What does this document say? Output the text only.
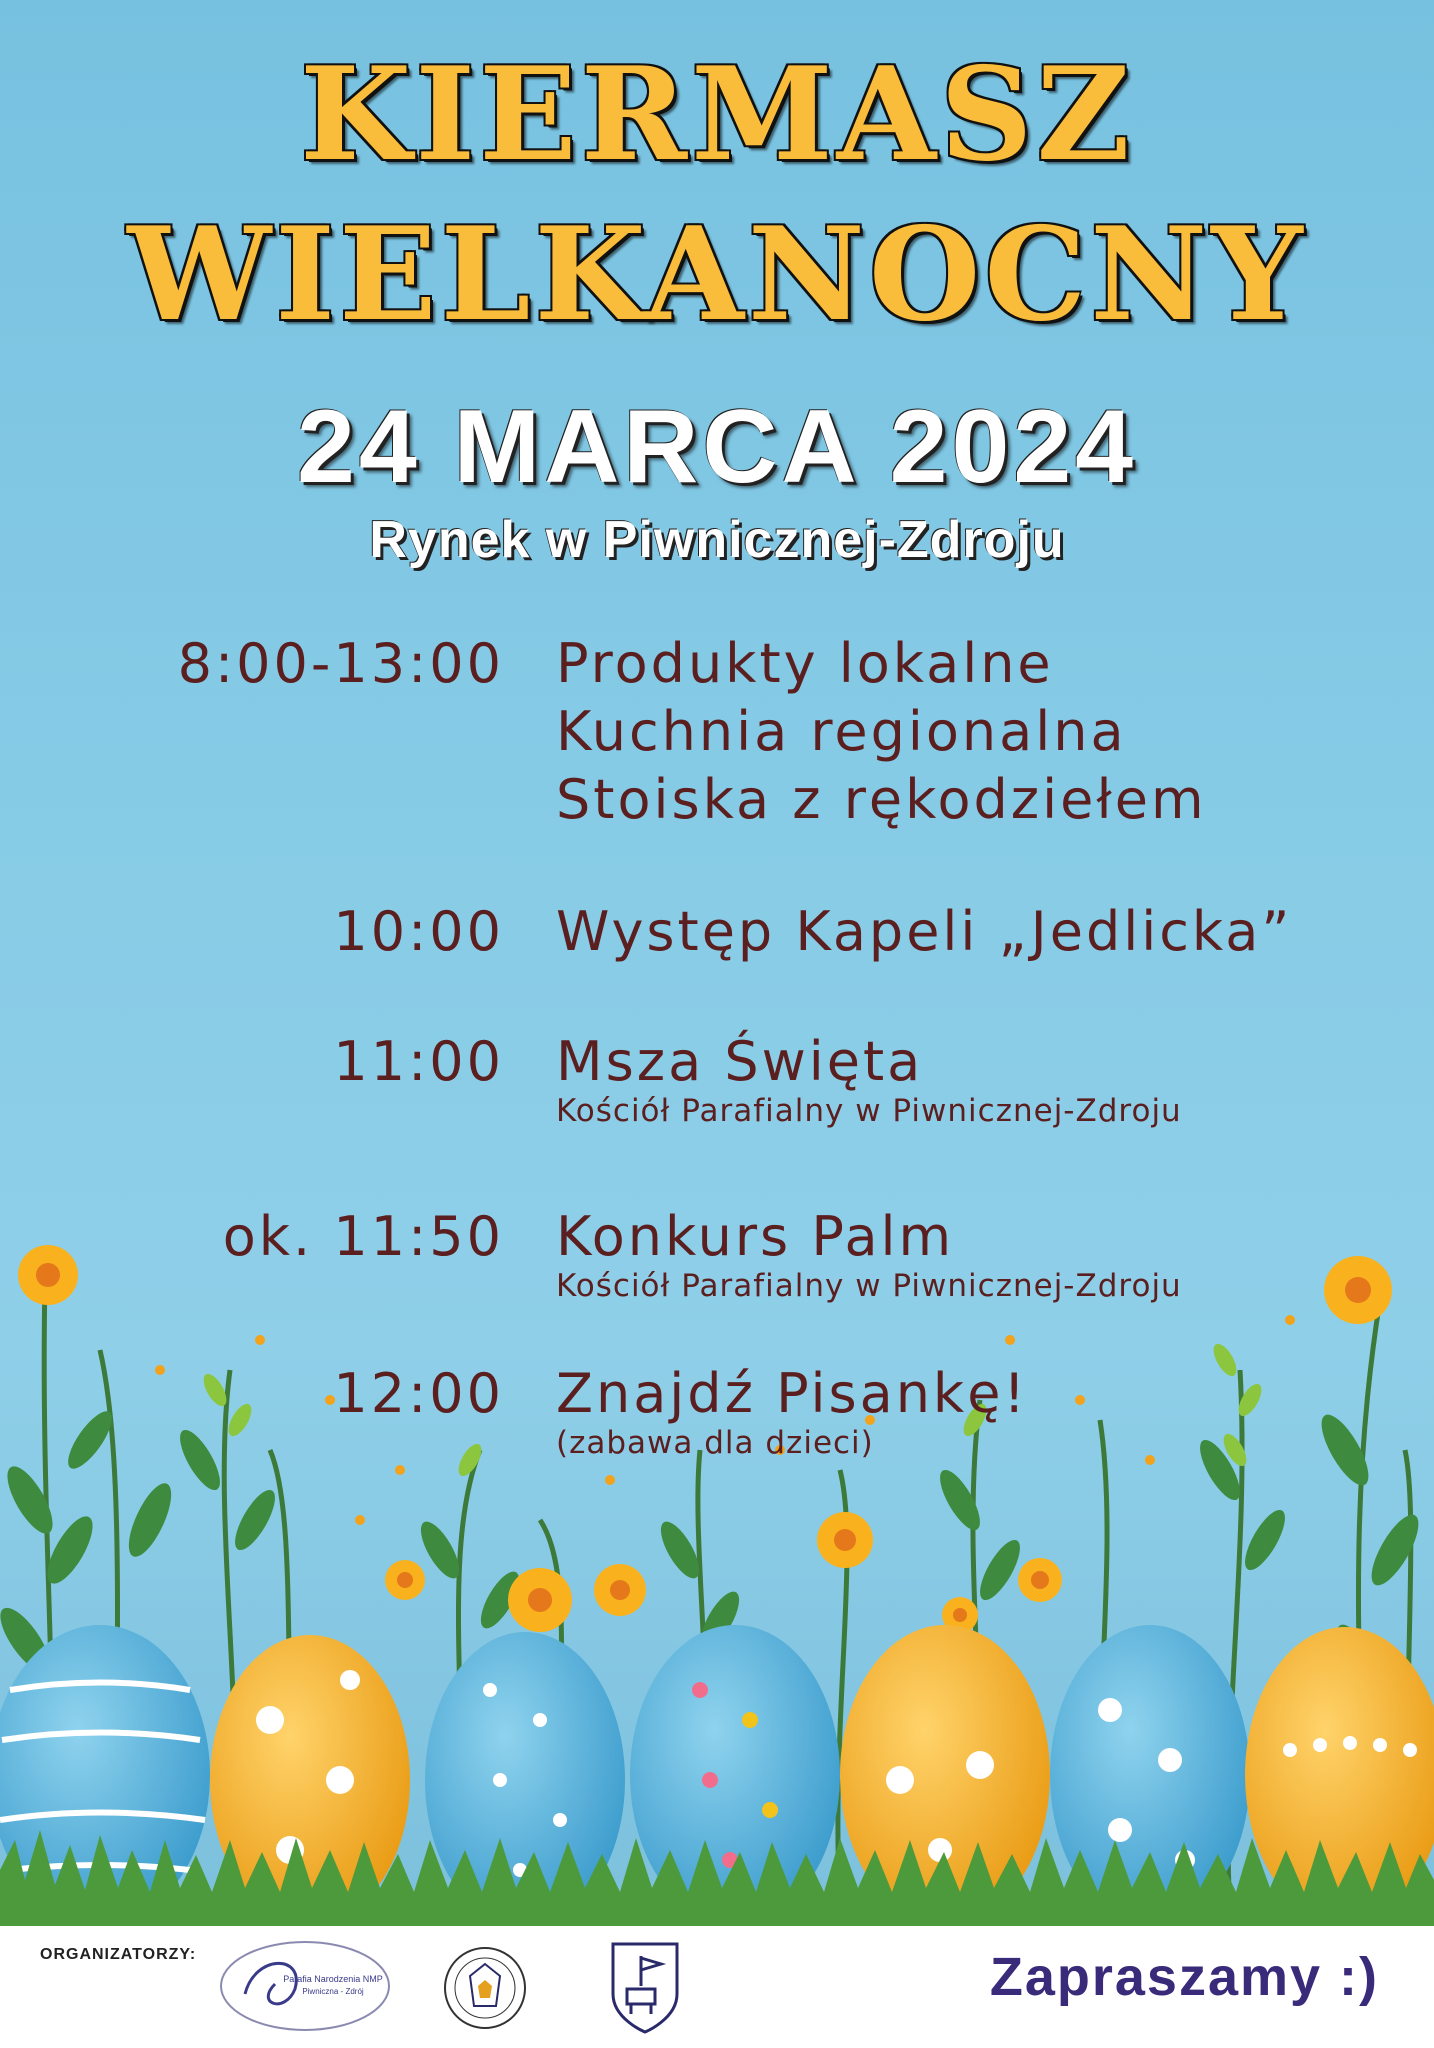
KIERMASZ
WIELKANOCNY
24 MARCA 2024
Rynek w Piwnicznej-Zdroju
8:00-13:00 Produkty lokalne
Kuchnia regionalna
Stoiska z rękodziełem
10:00 Występ Kapeli „Jedlicka”
11:00 Msza Święta
Kościół Parafialny w Piwnicznej-Zdroju
ok. 11:50 Konkurs Palm
Kościół Parafialny w Piwnicznej-Zdroju
12:00 Znajdź Pisankę!
(zabawa dla dzieci)
ORGANIZATORZY:
Parafia Narodzenia NMP
Piwniczna - Zdrój	Zapraszamy :)
